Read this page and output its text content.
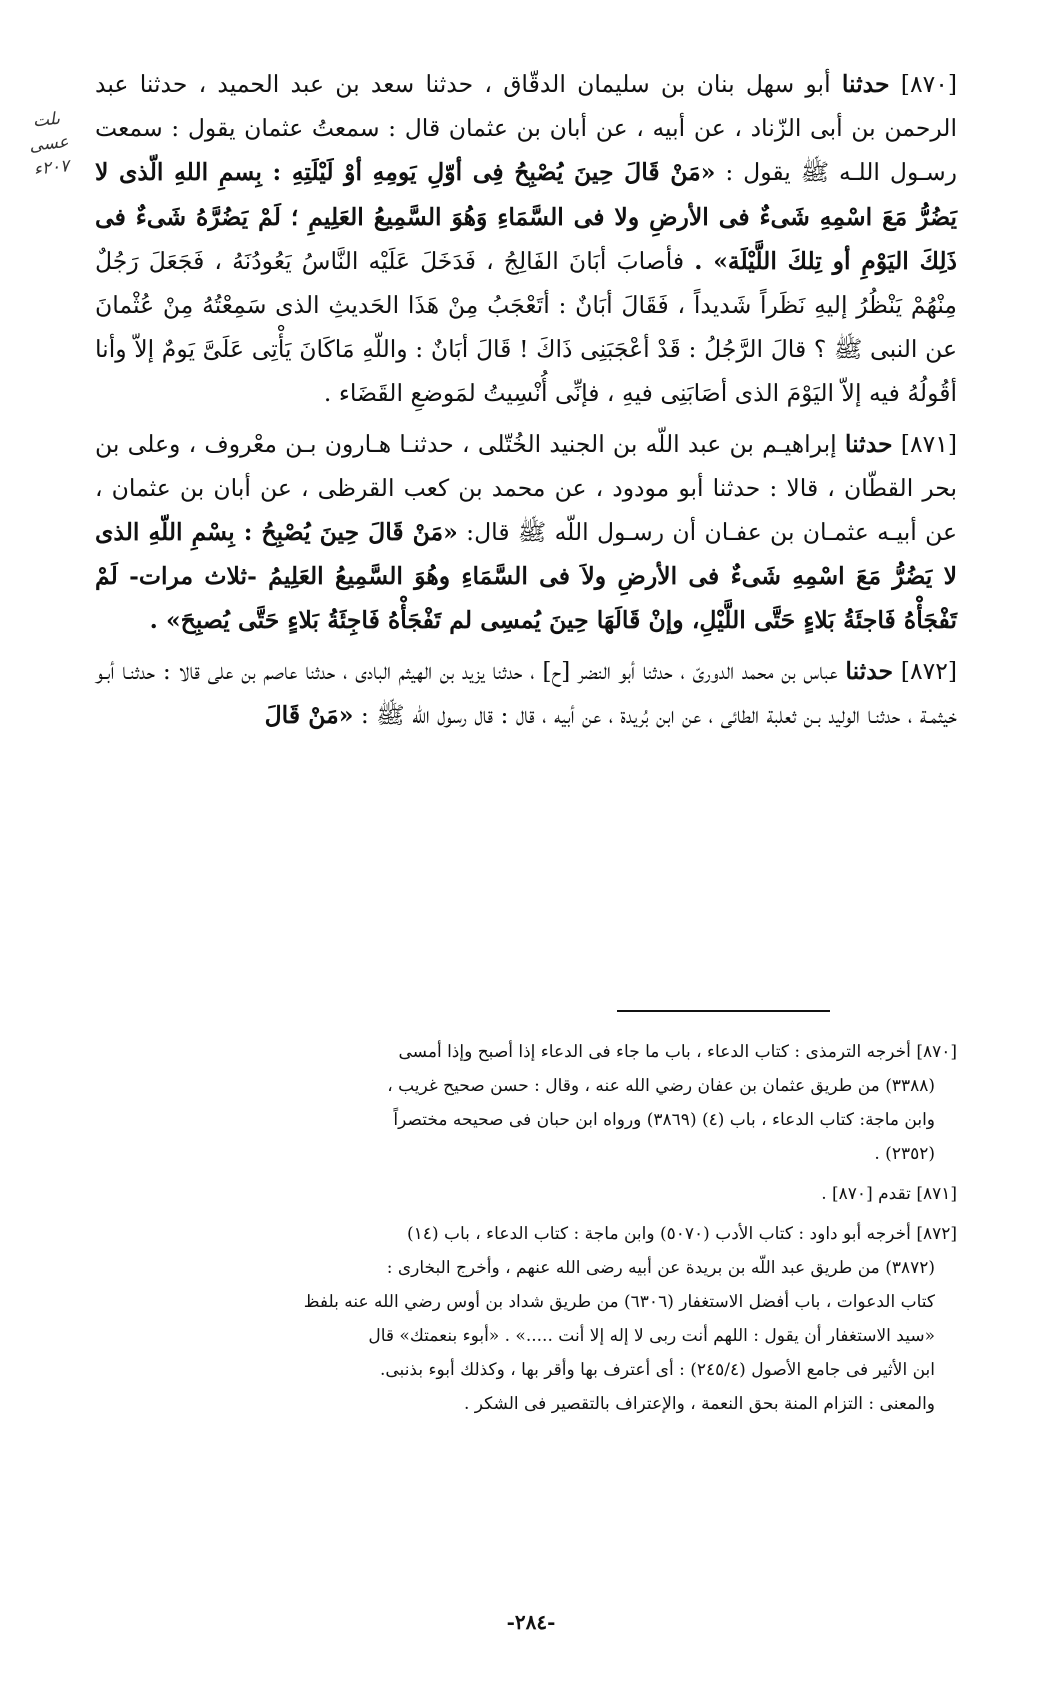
ىلت
عسى
٢٠٧ء

[٨٧٠] حدثنا أبو سهل بنان بن سليمان الدقّاق ، حدثنا سعد بن عبد الحميد ، حدثنا عبد الرحمن بن أبى الزّناد ، عن أبيه ، عن أبان بن عثمان قال : سمعتُ عثمان يقول : سمعت رسـول اللـه ﷺ يقول : «مَنْ قَالَ حِينَ يُصْبِحُ فِى أوّلِ يَومِهِ أوْ لَيْلَتِهِ : بِسمِ اللهِ الّذى لا يَضُرُّ مَعَ اسْمِهِ شَىءٌ فى الأرضِ ولا فى السَّمَاءِ وَهُوَ السَّمِيعُ العَلِيمِ ؛ لَمْ يَضُرَّهُ شَىءٌ فى ذَلِكَ اليَوْمِ أو تِلكَ اللَّيْلَة» . فأصابَ أبَانَ الفَالِجُ ، فَدَخَلَ عَلَيْه النَّاسُ يَعُودُنَهُ ، فَجَعَلَ رَجُلٌ مِنْهُمْ يَنْظُرُ إليهِ نَظَراً شَديداً ، فَقَالَ أبَانٌ : أتَعْجَبُ مِنْ هَذَا الحَديثِ الذى سَمِعْتُهُ مِنْ عُثْمانَ عن النبى ﷺ ؟ قالَ الرَّجُلُ : قَدْ أعْجَبَنِى ذَاكَ ! قَالَ أبَانٌ : واللّهِ مَاكَانَ يَأْتِى عَلَىَّ يَومٌ إلاّ وأنا أقُولُهُ فيه إلاّ اليَوْمَ الذى أصَابَنِى فيهِ ، فإنِّى أُنْسِيتُ لمَوضعِ القَضَاء .

[٨٧١] حدثنا إبراهيـم بن عبد اللّه بن الجنيد الخُتّلى ، حدثنـا هـارون بـن معْروف ، وعلى بن بحر القطّان ، قالا : حدثنا أبو مودود ، عن محمد بن كعب القرظى ، عن أبان بن عثمان ، عن أبيـه عثمـان بن عفـان أن رسـول اللّه ﷺ قال: «مَنْ قَالَ حِينَ يُصْبِحُ : بِسْمِ اللّهِ الذى لا يَضُرُّ مَعَ اسْمِهِ شَىءٌ فى الأرضِ ولاَ فى السَّمَاءِ وهُوَ السَّمِيعُ العَلِيمُ -ثلاث مرات- لَمْ تَفْجَأْهُ فَاجئَةُ بَلاءٍ حَتَّى اللَّيْلِ، وإنْ قَالَهَا حِينَ يُمسِى لم تَفْجَأْهُ فَاجِئَةُ بَلاءٍ حَتَّى يُصبِحَ» .

[٨٧٢] حدثنا عباس بن محمد الدورىّ ، حدثنا أبو النضر [ح] ، حدثنا يزيد بن الهيثم البادى ، حدثنا عاصم بن على قالا : حدثنـا أبـو خيثمـة ، حدثنـا الوليد بـن ثعلبة الطائى ، عن ابن بُريدة ، عن أبيه ، قال : قال رسول اللّه ﷺ : «مَنْ قَالَ

[٨٧٠] أخرجه الترمذى : كتاب الدعاء ، باب ما جاء فى الدعاء إذا أصبح وإذا أمسى
(٣٣٨٨) من طريق عثمان بن عفان رضي الله عنه ، وقال : حسن صحيح غريب ،
وابن ماجة: كتاب الدعاء ، باب (٤) (٣٨٦٩) ورواه ابن حبان فى صحيحه مختصراً
(٢٣٥٢) .
[٨٧١] تقدم [٨٧٠] .
[٨٧٢] أخرجه أبو داود : كتاب الأدب (٥٠٧٠) وابن ماجة : كتاب الدعاء ، باب (١٤)
(٣٨٧٢) من طريق عبد اللّه بن بريدة عن أبيه رضى الله عنهم ، وأخرج البخارى :
كتاب الدعوات ، باب أفضل الاستغفار (٦٣٠٦) من طريق شداد بن أوس رضي الله عنه بلفظ
«سيد الاستغفار أن يقول : اللهم أنت ربى لا إله إلا أنت .....» . «أبوء بنعمتك» قال
ابن الأثير فى جامع الأصول (٢٤٥/٤) : أى أعترف بها وأقر بها ، وكذلك أبوء بذنبى.
والمعنى : التزام المنة بحق النعمة ، والإعتراف بالتقصير فى الشكر .
-٢٨٤-
